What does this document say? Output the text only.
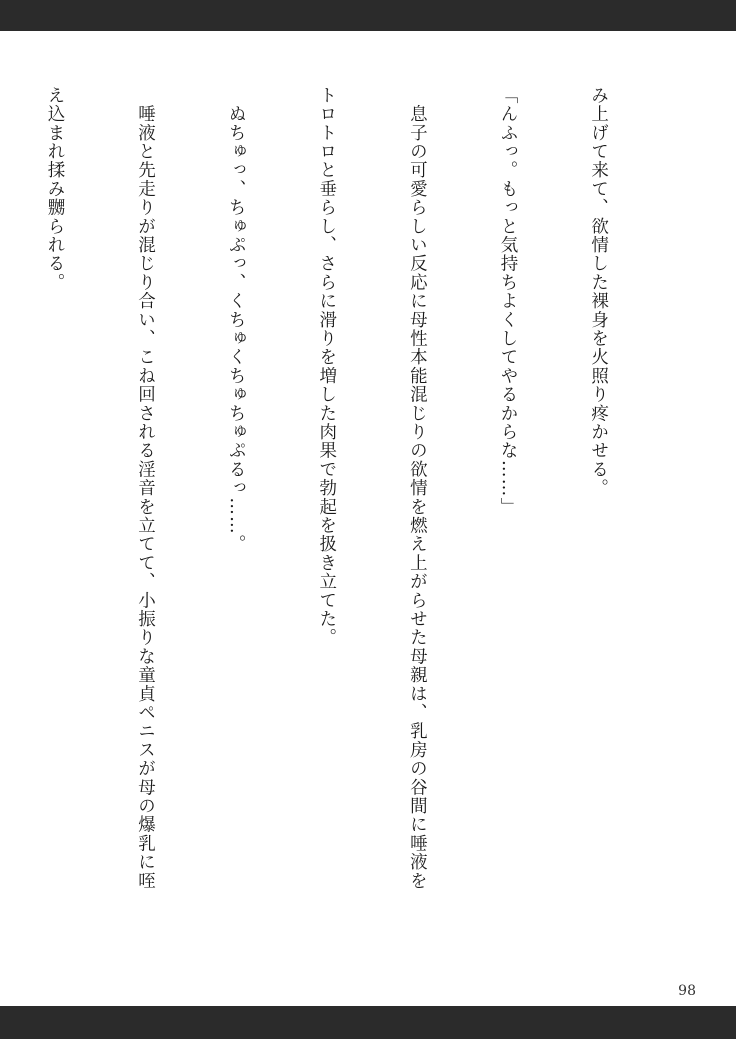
み上げて来て、欲情した裸身を火照り疼かせる。

「んふっ。もっと気持ちよくしてやるからな……」

　息子の可愛らしい反応に母性本能混じりの欲情を燃え上がらせた母親は、乳房の谷間に唾液を

トロトロと垂らし、さらに滑りを増した肉果で勃起を扱き立てた。

　ぬちゅっ、ちゅぷっ、くちゅくちゅちゅぷるっ……。

　唾液と先走りが混じり合い、こね回される淫音を立てて、小振りな童貞ペニスが母の爆乳に咥

え込まれ揉み嬲られる。

98
